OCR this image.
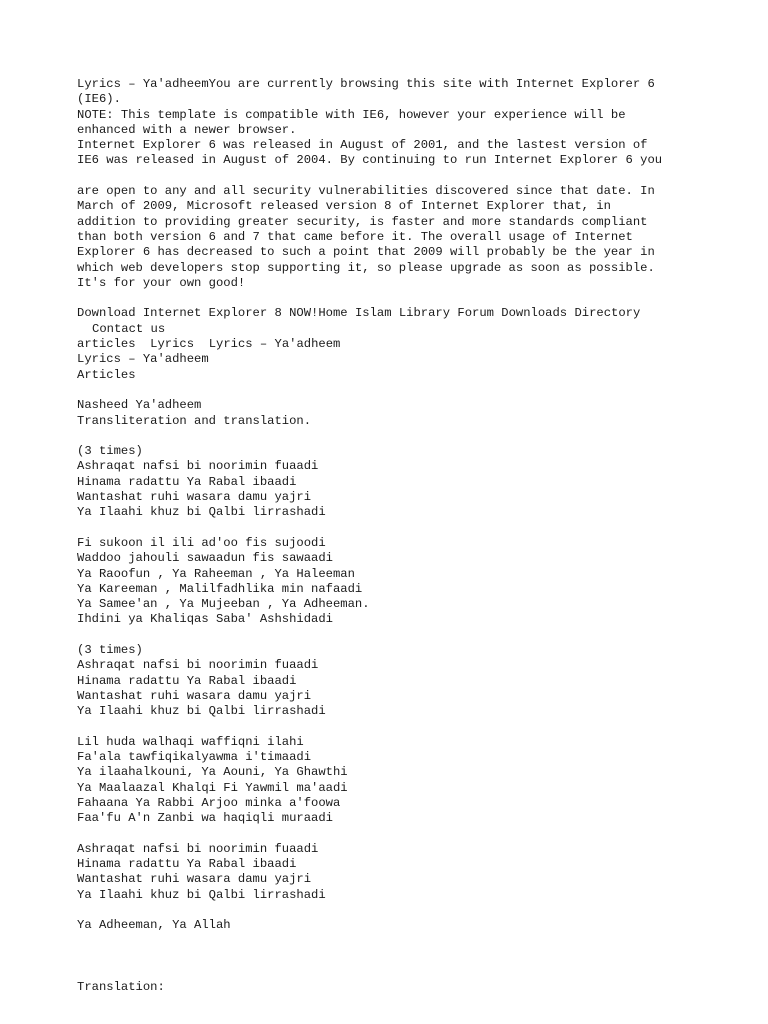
Lyrics – Ya'adheemYou are currently browsing this site with Internet Explorer 6
(IE6).
NOTE: This template is compatible with IE6, however your experience will be
enhanced with a newer browser.
Internet Explorer 6 was released in August of 2001, and the lastest version of
IE6 was released in August of 2004. By continuing to run Internet Explorer 6 you
are open to any and all security vulnerabilities discovered since that date. In
March of 2009, Microsoft released version 8 of Internet Explorer that, in
addition to providing greater security, is faster and more standards compliant
than both version 6 and 7 that came before it. The overall usage of Internet
Explorer 6 has decreased to such a point that 2009 will probably be the year in
which web developers stop supporting it, so please upgrade as soon as possible.
It's for your own good!
Download Internet Explorer 8 NOW!Home Islam Library Forum Downloads Directory
Contact us
articles Lyrics Lyrics – Ya'adheem
Lyrics – Ya'adheem
Articles
Nasheed Ya'adheem
Transliteration and translation.
(3 times)
Ashraqat nafsi bi noorimin fuaadi
Hinama radattu Ya Rabal ibaadi
Wantashat ruhi wasara damu yajri
Ya Ilaahi khuz bi Qalbi lirrashadi
Fi sukoon il ili ad'oo fis sujoodi
Waddoo jahouli sawaadun fis sawaadi
Ya Raoofun , Ya Raheeman , Ya Haleeman
Ya Kareeman , Malilfadhlika min nafaadi
Ya Samee'an , Ya Mujeeban , Ya Adheeman.
Ihdini ya Khaliqas Saba' Ashshidadi
(3 times)
Ashraqat nafsi bi noorimin fuaadi
Hinama radattu Ya Rabal ibaadi
Wantashat ruhi wasara damu yajri
Ya Ilaahi khuz bi Qalbi lirrashadi
Lil huda walhaqi waffiqni ilahi
Fa'ala tawfiqikalyawma i'timaadi
Ya ilaahalkouni, Ya Aouni, Ya Ghawthi
Ya Maalaazal Khalqi Fi Yawmil ma'aadi
Fahaana Ya Rabbi Arjoo minka a'foowa
Faa'fu A'n Zanbi wa haqiqli muraadi
Ashraqat nafsi bi noorimin fuaadi
Hinama radattu Ya Rabal ibaadi
Wantashat ruhi wasara damu yajri
Ya Ilaahi khuz bi Qalbi lirrashadi
Ya Adheeman, Ya Allah
Translation:
